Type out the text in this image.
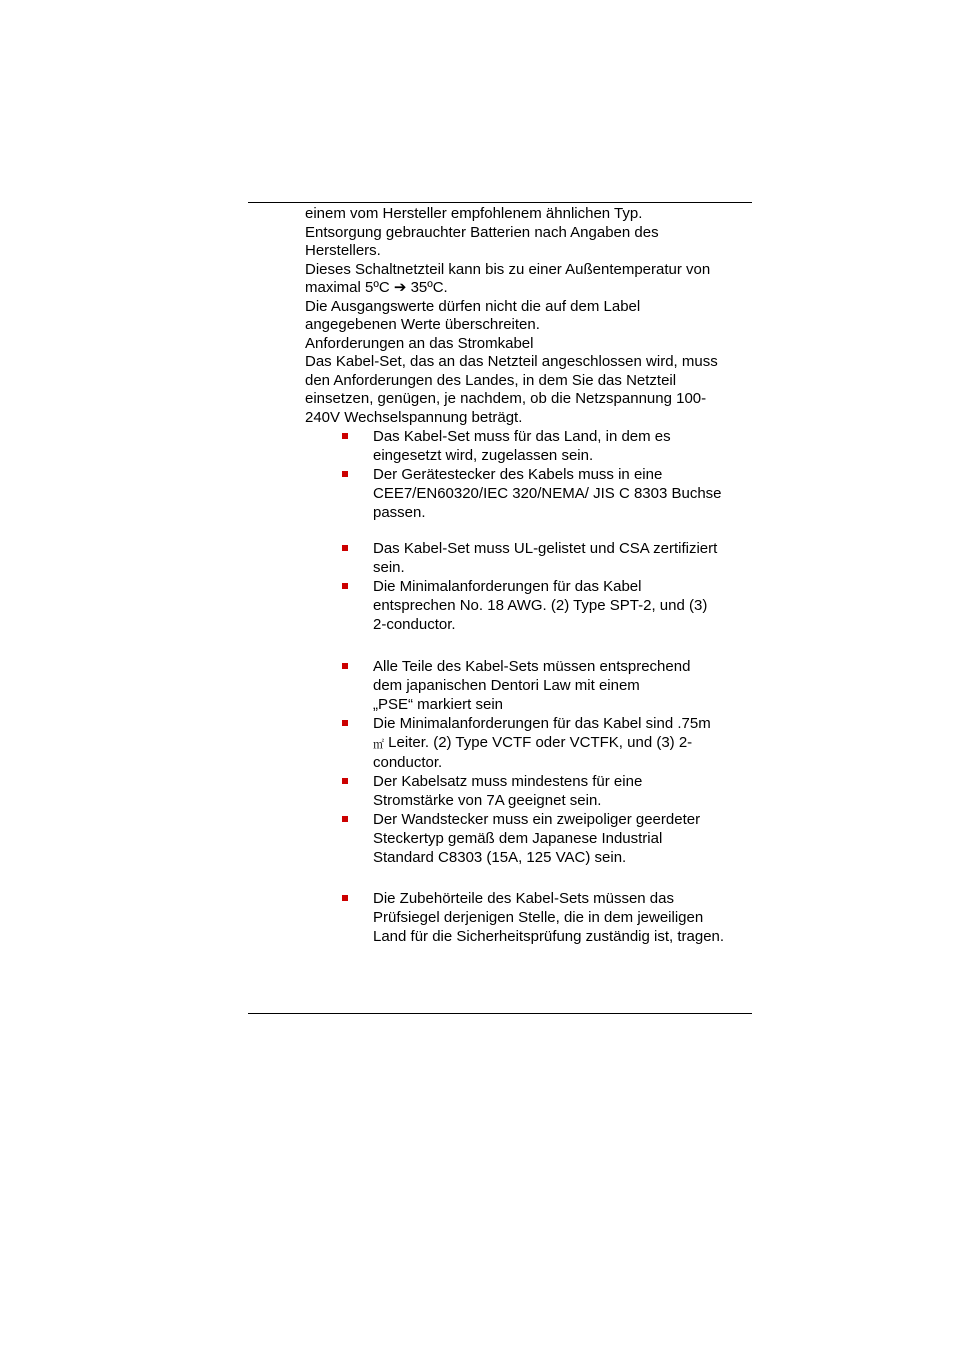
einem vom Hersteller empfohlenem ähnlichen Typ.
Entsorgung gebrauchter Batterien nach Angaben des
Herstellers.
Dieses Schaltnetzteil kann bis zu einer Außentemperatur von
maximal 5ºC ➔ 35ºC.
Die Ausgangswerte dürfen nicht die auf dem Label
angegebenen Werte überschreiten.
Anforderungen an das Stromkabel
Das Kabel-Set, das an das Netzteil angeschlossen wird, muss
den Anforderungen des Landes, in dem Sie das Netzteil
einsetzen, genügen, je nachdem, ob die Netzspannung 100-
240V Wechselspannung beträgt.
Das Kabel-Set muss für das Land, in dem es
eingesetzt wird, zugelassen sein.
Der Gerätestecker des Kabels muss in eine
CEE7/EN60320/IEC 320/NEMA/ JIS C 8303 Buchse
passen.
Das Kabel-Set muss UL-gelistet und CSA zertifiziert
sein.
Die Minimalanforderungen für das Kabel
entsprechen No. 18 AWG. (2) Type SPT-2, und (3)
2-conductor.
Alle Teile des Kabel-Sets müssen entsprechend
dem japanischen Dentori Law mit einem
„PSE“ markiert sein
Die Minimalanforderungen für das Kabel sind .75m
㎡ Leiter. (2) Type VCTF oder VCTFK, und (3) 2-
conductor.
Der Kabelsatz muss mindestens für eine
Stromstärke von 7A geeignet sein.
Der Wandstecker muss ein zweipoliger geerdeter
Steckertyp gemäß dem Japanese Industrial
Standard C8303 (15A, 125 VAC) sein.
Die Zubehörteile des Kabel-Sets müssen das
Prüfsiegel derjenigen Stelle, die in dem jeweiligen
Land für die Sicherheitsprüfung zuständig ist, tragen.
